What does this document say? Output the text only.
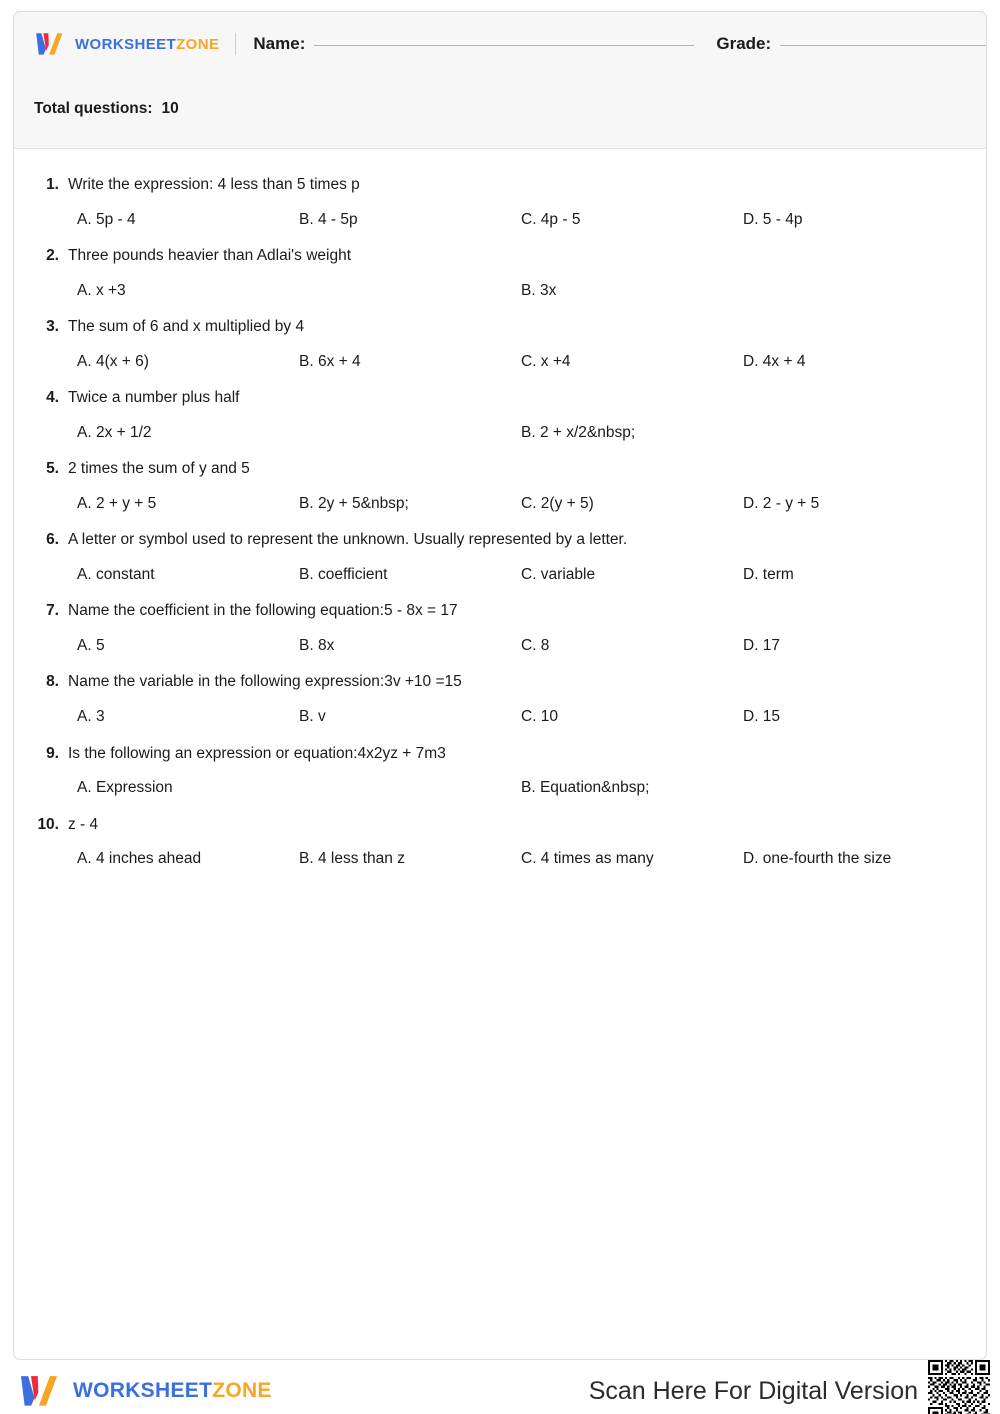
WORKSHEETZONE Name:	Grade:
Total questions: 10
1. Write the expression: 4 less than 5 times p
A. 5p - 4	B. 4 - 5p	C. 4p - 5	D. 5 - 4p
2. Three pounds heavier than Adlai's weight
A. x +3	B. 3x
3. The sum of 6 and x multiplied by 4
A. 4(x + 6)	B. 6x + 4	C. x +4	D. 4x + 4
4. Twice a number plus half
A. 2x + 1/2	B. 2 + x/2&nbsp;
5. 2 times the sum of y and 5
A. 2 + y + 5	B. 2y + 5&nbsp;	C. 2(y + 5)	D. 2 - y + 5
6. A letter or symbol used to represent the unknown. Usually represented by a letter.
A. constant	B. coefficient	C. variable	D. term
7. Name the coefficient in the following equation:5 - 8x = 17
A. 5	B. 8x	C. 8	D. 17
8. Name the variable in the following expression:3v +10 =15
A. 3	B. v	C. 10	D. 15
9. Is the following an expression or equation:4x2yz + 7m3
A. Expression	B. Equation&nbsp;
10. z - 4
A. 4 inches ahead	B. 4 less than z	C. 4 times as many	D. one-fourth the size
WORKSHEETZONE	Scan Here For Digital Version
